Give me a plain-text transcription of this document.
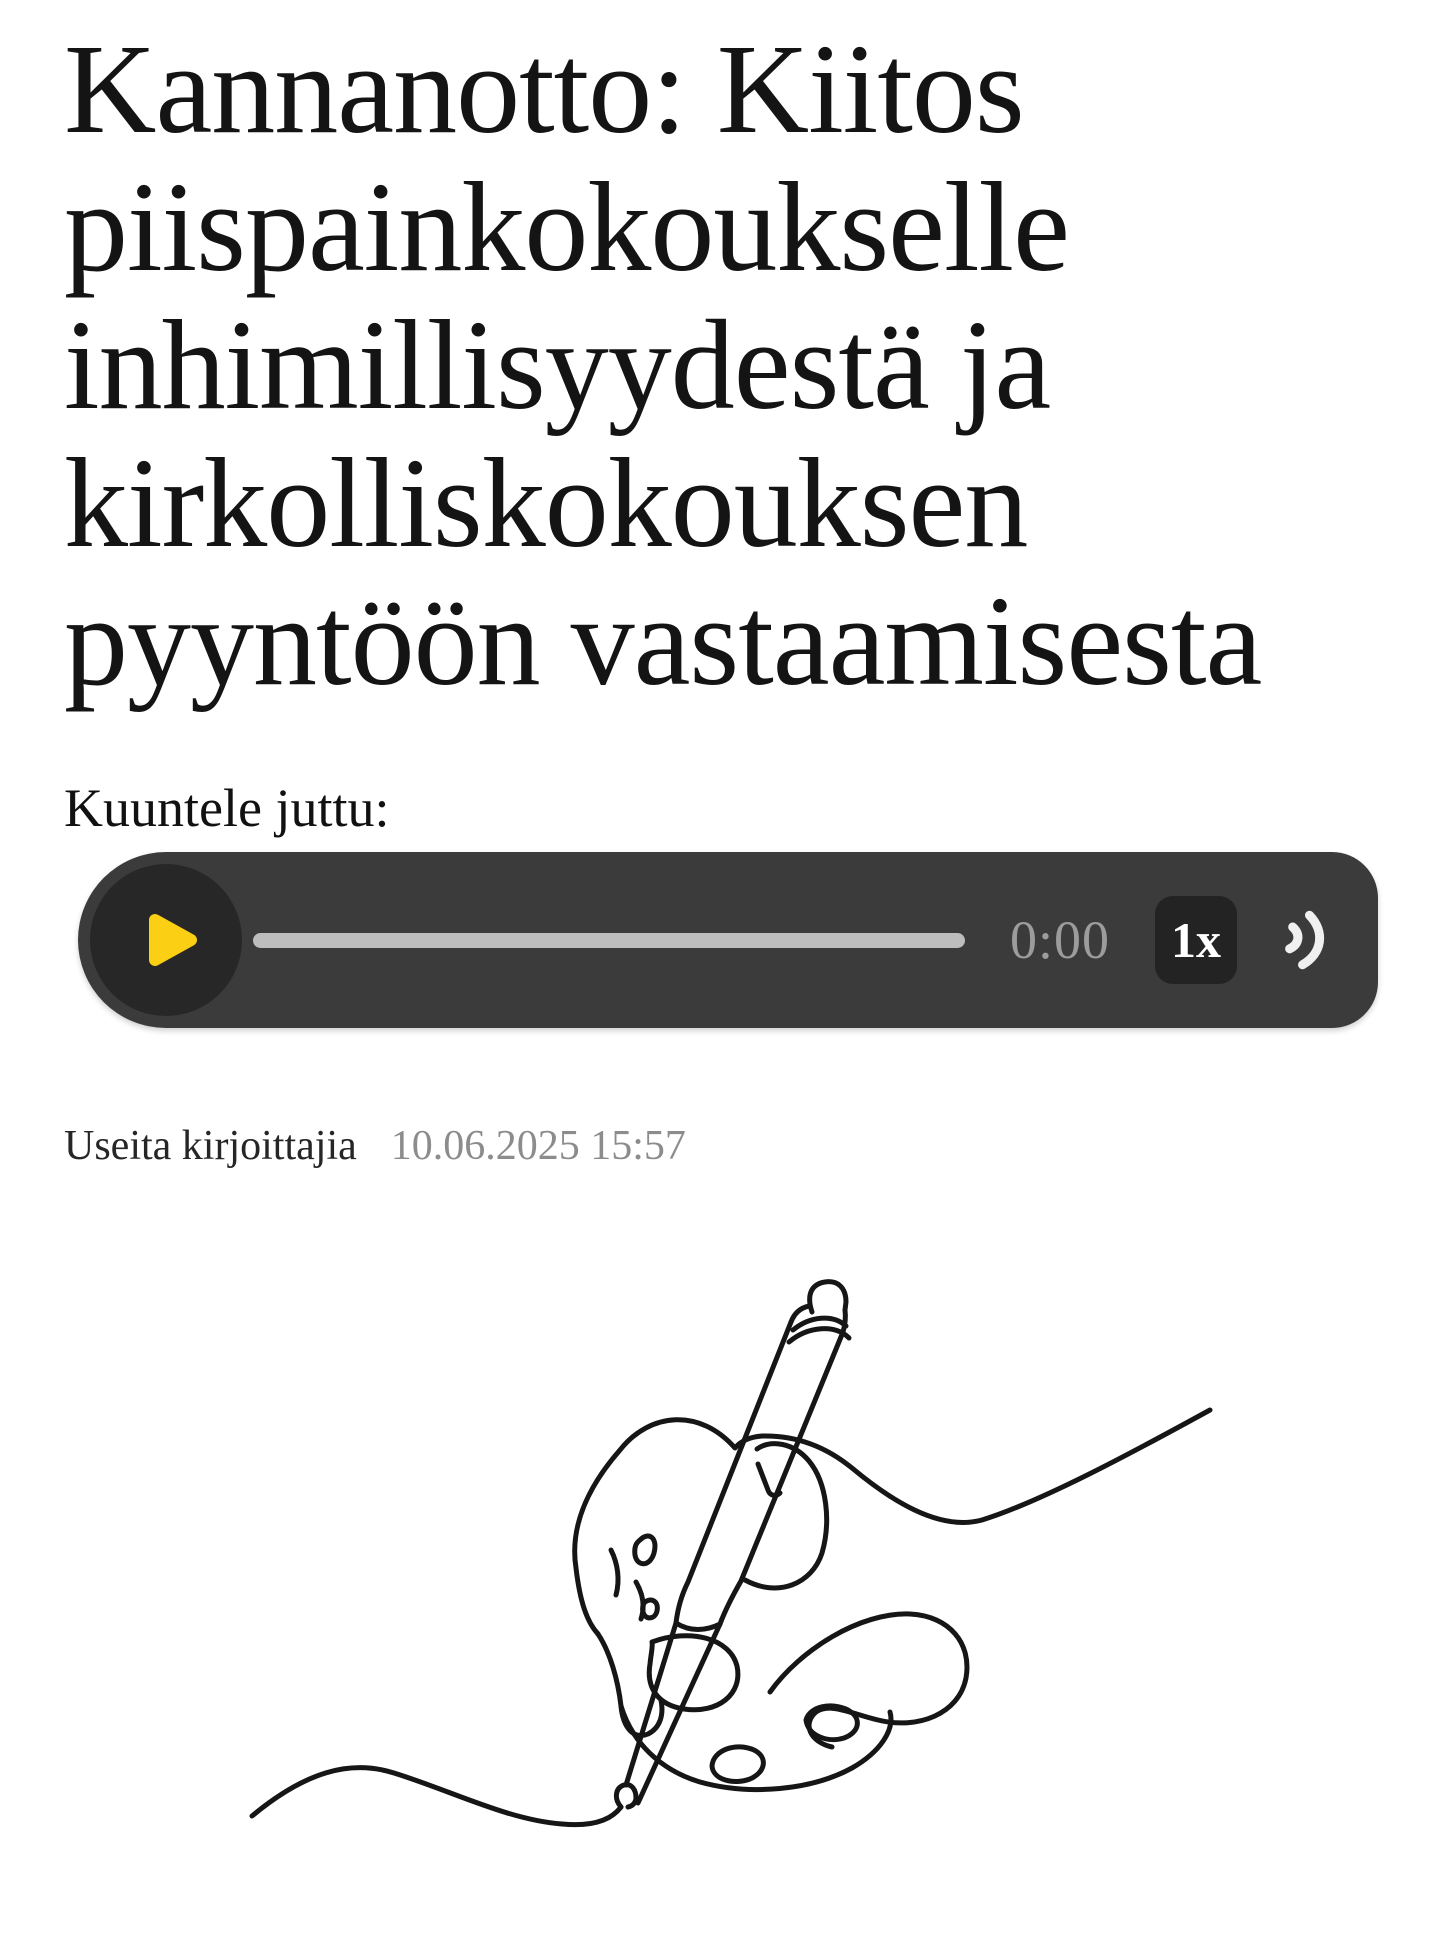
Kannanotto: Kiitos
piispainkokoukselle
inhimillisyydestä ja
kirkolliskokouksen
pyyntöön vastaamisesta
Kuuntele juttu:
0:00 1x
Useita kirjoittajia 10.06.2025 15:57
